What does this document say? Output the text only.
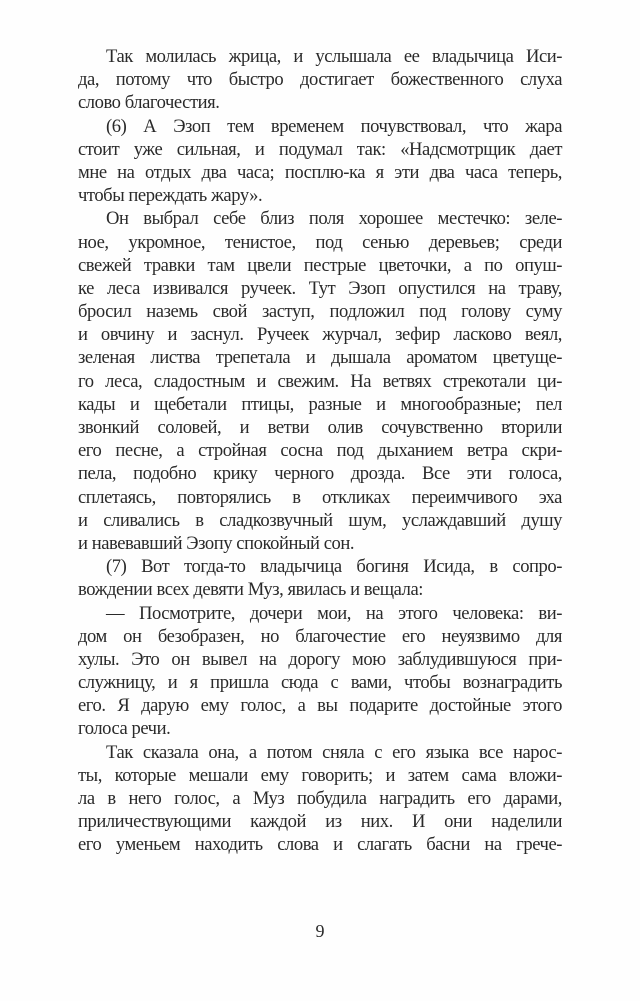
Так молилась жрица, и услышала ее владычица Иси-
да, потому что быстро достигает божественного слуха
слово благочестия.
(6) А Эзоп тем временем почувствовал, что жара
стоит уже сильная, и подумал так: «Надсмотрщик дает
мне на отдых два часа; посплю-ка я эти два часа теперь,
чтобы переждать жару».
Он выбрал себе близ поля хорошее местечко: зеле-
ное, укромное, тенистое, под сенью деревьев; среди
свежей травки там цвели пестрые цветочки, а по опуш-
ке леса извивался ручеек. Тут Эзоп опустился на траву,
бросил наземь свой заступ, подложил под голову суму
и овчину и заснул. Ручеек журчал, зефир ласково веял,
зеленая листва трепетала и дышала ароматом цветуще-
го леса, сладостным и свежим. На ветвях стрекотали ци-
кады и щебетали птицы, разные и многообразные; пел
звонкий соловей, и ветви олив сочувственно вторили
его песне, а стройная сосна под дыханием ветра скри-
пела, подобно крику черного дрозда. Все эти голоса,
сплетаясь, повторялись в откликах переимчивого эха
и сливались в сладкозвучный шум, услаждавший душу
и навевавший Эзопу спокойный сон.
(7) Вот тогда-то владычица богиня Исида, в сопро-
вождении всех девяти Муз, явилась и вещала:
— Посмотрите, дочери мои, на этого человека: ви-
дом он безобразен, но благочестие его неуязвимо для
хулы. Это он вывел на дорогу мою заблудившуюся при-
служницу, и я пришла сюда с вами, чтобы вознаградить
его. Я дарую ему голос, а вы подарите достойные этого
голоса речи.
Так сказала она, а потом сняла с его языка все нарос-
ты, которые мешали ему говорить; и затем сама вложи-
ла в него голос, а Муз побудила наградить его дарами,
приличествующими каждой из них. И они наделили
его уменьем находить слова и слагать басни на грече-
9
